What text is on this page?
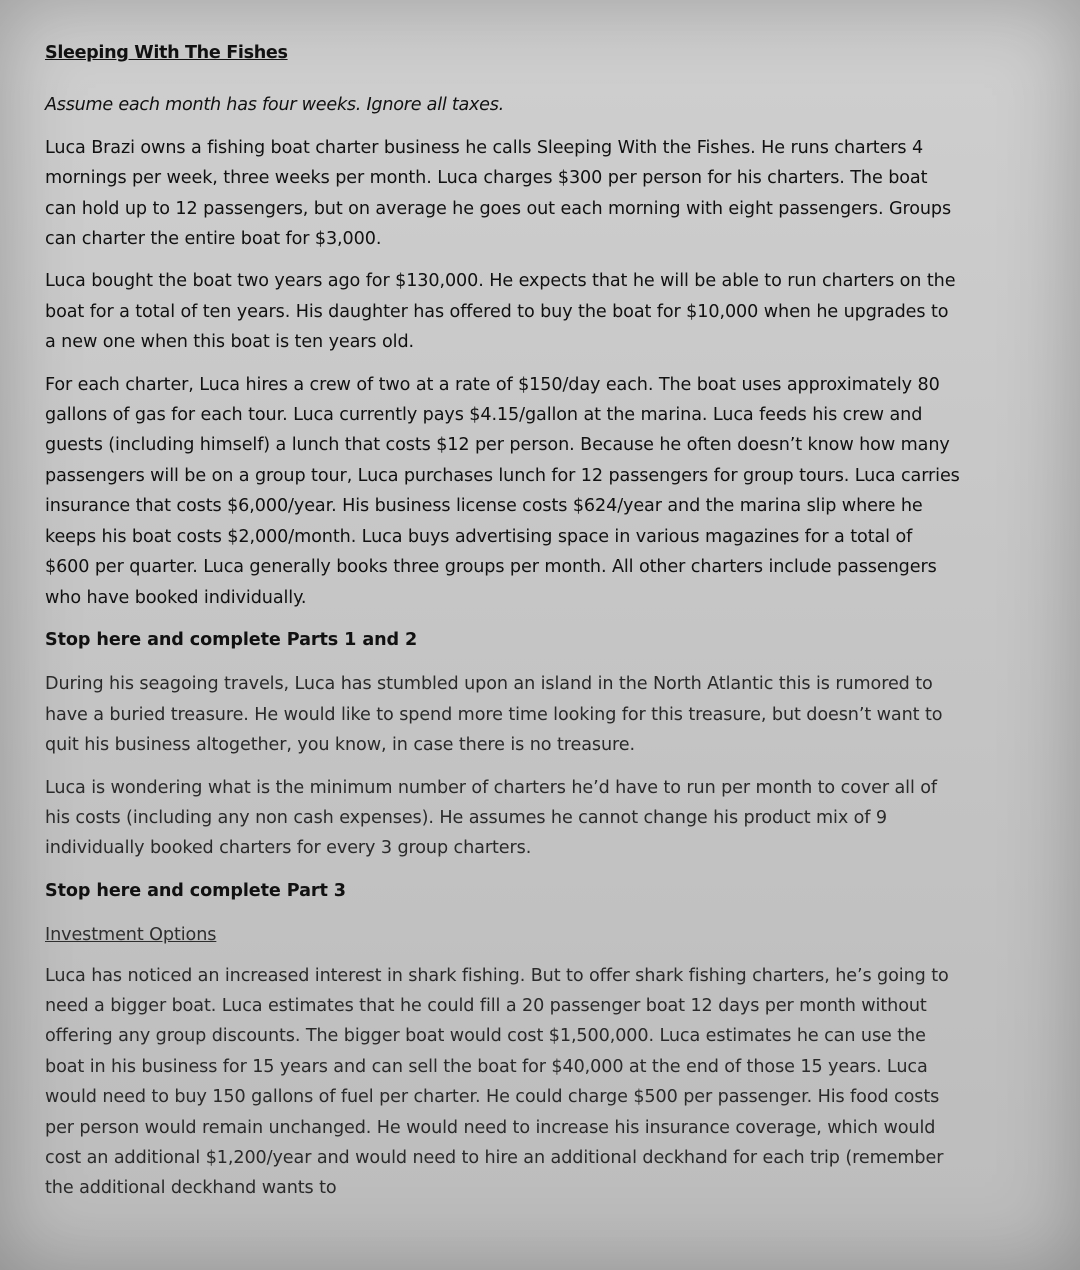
Sleeping With The Fishes
Assume each month has four weeks. Ignore all taxes.

Luca Brazi owns a fishing boat charter business he calls Sleeping With the Fishes. He runs charters 4 mornings per week, three weeks per month. Luca charges $300 per person for his charters. The boat can hold up to 12 passengers, but on average he goes out each morning with eight passengers. Groups can charter the entire boat for $3,000.

Luca bought the boat two years ago for $130,000. He expects that he will be able to run charters on the boat for a total of ten years. His daughter has offered to buy the boat for $10,000 when he upgrades to a new one when this boat is ten years old.

For each charter, Luca hires a crew of two at a rate of $150/day each. The boat uses approximately 80 gallons of gas for each tour. Luca currently pays $4.15/gallon at the marina. Luca feeds his crew and guests (including himself) a lunch that costs $12 per person. Because he often doesn’t know how many passengers will be on a group tour, Luca purchases lunch for 12 passengers for group tours. Luca carries insurance that costs $6,000/year. His business license costs $624/year and the marina slip where he keeps his boat costs $2,000/month. Luca buys advertising space in various magazines for a total of $600 per quarter. Luca generally books three groups per month. All other charters include passengers who have booked individually.

Stop here and complete Parts 1 and 2

During his seagoing travels, Luca has stumbled upon an island in the North Atlantic this is rumored to have a buried treasure. He would like to spend more time looking for this treasure, but doesn’t want to quit his business altogether, you know, in case there is no treasure.

Luca is wondering what is the minimum number of charters he’d have to run per month to cover all of his costs (including any non cash expenses). He assumes he cannot change his product mix of 9 individually booked charters for every 3 group charters.

Stop here and complete Part 3
Investment Options

Luca has noticed an increased interest in shark fishing. But to offer shark fishing charters, he’s going to need a bigger boat. Luca estimates that he could fill a 20 passenger boat 12 days per month without offering any group discounts. The bigger boat would cost $1,500,000. Luca estimates he can use the boat in his business for 15 years and can sell the boat for $40,000 at the end of those 15 years. Luca would need to buy 150 gallons of fuel per charter. He could charge $500 per passenger. His food costs per person would remain unchanged. He would need to increase his insurance coverage, which would cost an additional $1,200/year and would need to hire an additional deckhand for each trip (remember the additional deckhand wants to
